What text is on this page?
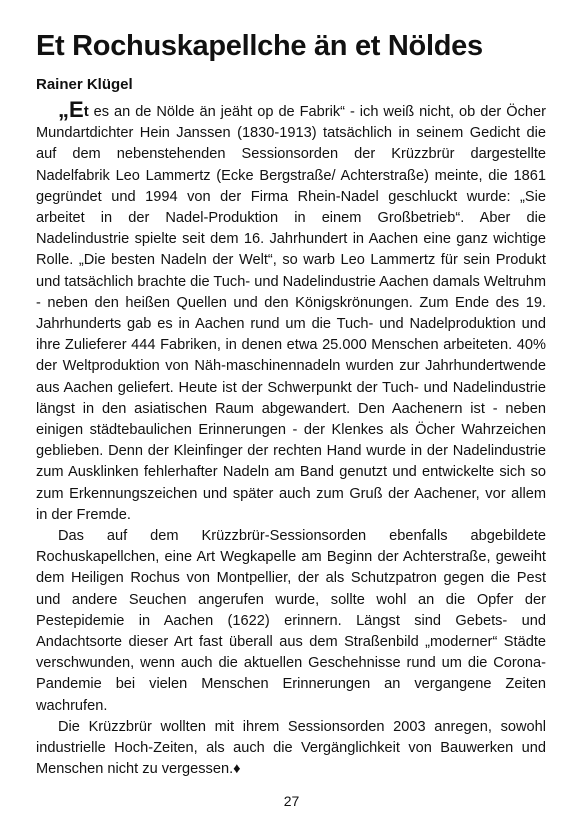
Et Rochuskapellche än et Nöldes
Rainer Klügel

„Et es an de Nölde än jeäht op de Fabrik“ - ich weiß nicht, ob der Öcher Mundartdichter Hein Janssen (1830-1913) tatsächlich in seinem Gedicht die auf dem nebenstehenden Sessionsorden der Krüzzbrür dargestellte Nadelfabrik Leo Lammertz (Ecke Bergstraße/ Achterstraße) meinte, die 1861 gegründet und 1994 von der Firma Rhein-Nadel geschluckt wurde: „Sie arbeitet in der Nadel-Produktion in einem Großbetrieb“. Aber die Nadelindustrie spielte seit dem 16. Jahrhundert in Aachen eine ganz wichtige Rolle. „Die besten Nadeln der Welt“, so warb Leo Lammertz für sein Produkt und tatsächlich brachte die Tuch- und Nadelindustrie Aachen damals Weltruhm - neben den heißen Quellen und den Königskrönungen. Zum Ende des 19. Jahrhunderts gab es in Aachen rund um die Tuch- und Nadelproduktion und ihre Zulieferer 444 Fabriken, in denen etwa 25.000 Menschen arbeiteten. 40% der Weltproduktion von Näh-maschinennadeln wurden zur Jahrhundertwende aus Aachen geliefert. Heute ist der Schwerpunkt der Tuch- und Nadelindustrie längst in den asiatischen Raum abgewandert. Den Aachenern ist - neben einigen städtebaulichen Erinnerungen - der Klenkes als Öcher Wahrzeichen geblieben. Denn der Kleinfinger der rechten Hand wurde in der Nadelindustrie zum Ausklinken fehlerhafter Nadeln am Band genutzt und entwickelte sich so zum Erkennungszeichen und später auch zum Gruß der Aachener, vor allem in der Fremde.

Das auf dem Krüzzbrür-Sessionsorden ebenfalls abgebildete Rochuskapellchen, eine Art Wegkapelle am Beginn der Achterstraße, geweiht dem Heiligen Rochus von Montpellier, der als Schutzpatron gegen die Pest und andere Seuchen angerufen wurde, sollte wohl an die Opfer der Pestepidemie in Aachen (1622) erinnern. Längst sind Gebets- und Andachtsorte dieser Art fast überall aus dem Straßenbild „moderner“ Städte verschwunden, wenn auch die aktuellen Geschehnisse rund um die Corona-Pandemie bei vielen Menschen Erinnerungen an vergangene Zeiten wachrufen.

Die Krüzzbrür wollten mit ihrem Sessionsorden 2003 anregen, sowohl industrielle Hoch-Zeiten, als auch die Vergänglichkeit von Bauwerken und Menschen nicht zu vergessen.♦

27
